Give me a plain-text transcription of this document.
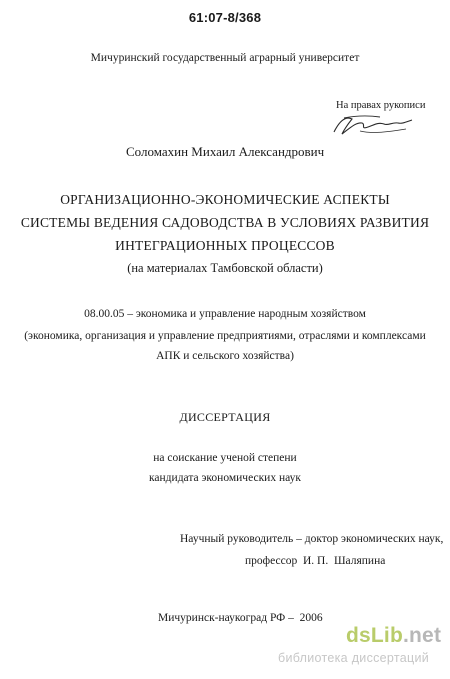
61:07-8/368
Мичуринский государственный аграрный университет
На правах рукописи
Соломахин Михаил Александрович
ОРГАНИЗАЦИОННО-ЭКОНОМИЧЕСКИЕ АСПЕКТЫ
СИСТЕМЫ ВЕДЕНИЯ САДОВОДСТВА В УСЛОВИЯХ РАЗВИТИЯ
ИНТЕГРАЦИОННЫХ ПРОЦЕССОВ
(на материалах Тамбовской области)
08.00.05 – экономика и управление народным хозяйством
(экономика, организация и управление предприятиями, отраслями и комплексами
АПК и сельского хозяйства)
ДИССЕРТАЦИЯ
на соискание ученой степени
кандидата экономических наук
Научный руководитель – доктор экономических наук,
профессор  И. П.  Шаляпина
Мичуринск-наукоград РФ –  2006
dsLib.net
библиотека диссертаций
